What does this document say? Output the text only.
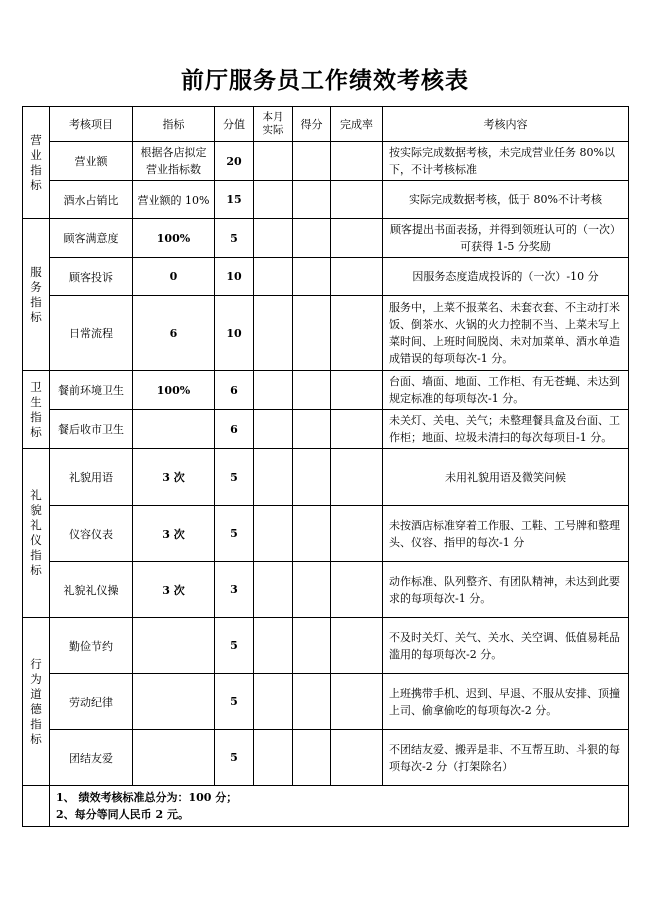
前厅服务员工作绩效考核表
营业指标	考核项目	指标	分值	本月实际	得分	完成率	考核内容
	营业额	根据各店拟定营业指标数	20				按实际完成数据考核，未完成营业任务 80%以下，不计考核标准
	酒水占销比	营业额的 10%	15				实际完成数据考核，低于 80%不计考核

服务指标	顾客满意度	100%	5				顾客提出书面表扬，并得到领班认可的（一次）可获得 1-5 分奖励
	顾客投诉	0	10				因服务态度造成投诉的（一次）-10 分
	日常流程	6	10				服务中，上菜不报菜名、未套衣套、不主动打米饭、倒茶水、火锅的火力控制不当、上菜未写上菜时间、上班时间脱岗、未对加菜单、酒水单造成错误的每项每次-1 分。

卫生指标	餐前环境卫生	100%	6				台面、墙面、地面、工作柜、有无苍蝇、未达到规定标准的每项每次-1 分。
	餐后收市卫生		6				未关灯、关电、关气；未整理餐具盒及台面、工作柜；地面、垃圾未清扫的每次每项目-1 分。

礼貌礼仪指标	礼貌用语	3 次	5				未用礼貌用语及微笑问候
	仪容仪表	3 次	5				未按酒店标准穿着工作服、工鞋、工号牌和整理头、仪容、指甲的每次-1 分
	礼貌礼仪操	3 次	3				动作标准、队列整齐、有团队精神，未达到此要求的每项每次-1 分。

行为道德指标	勤俭节约		5				不及时关灯、关气、关水、关空调、低值易耗品滥用的每项每次-2 分。
	劳动纪律		5				上班携带手机、迟到、早退、不服从安排、顶撞上司、偷拿偷吃的每项每次-2 分。
	团结友爱		5				不团结友爱、搬弄是非、不互帮互助、斗狠的每项每次-2 分（打架除名）

	1、 绩效考核标准总分为：100 分；
2、每分等同人民币 2 元。						
